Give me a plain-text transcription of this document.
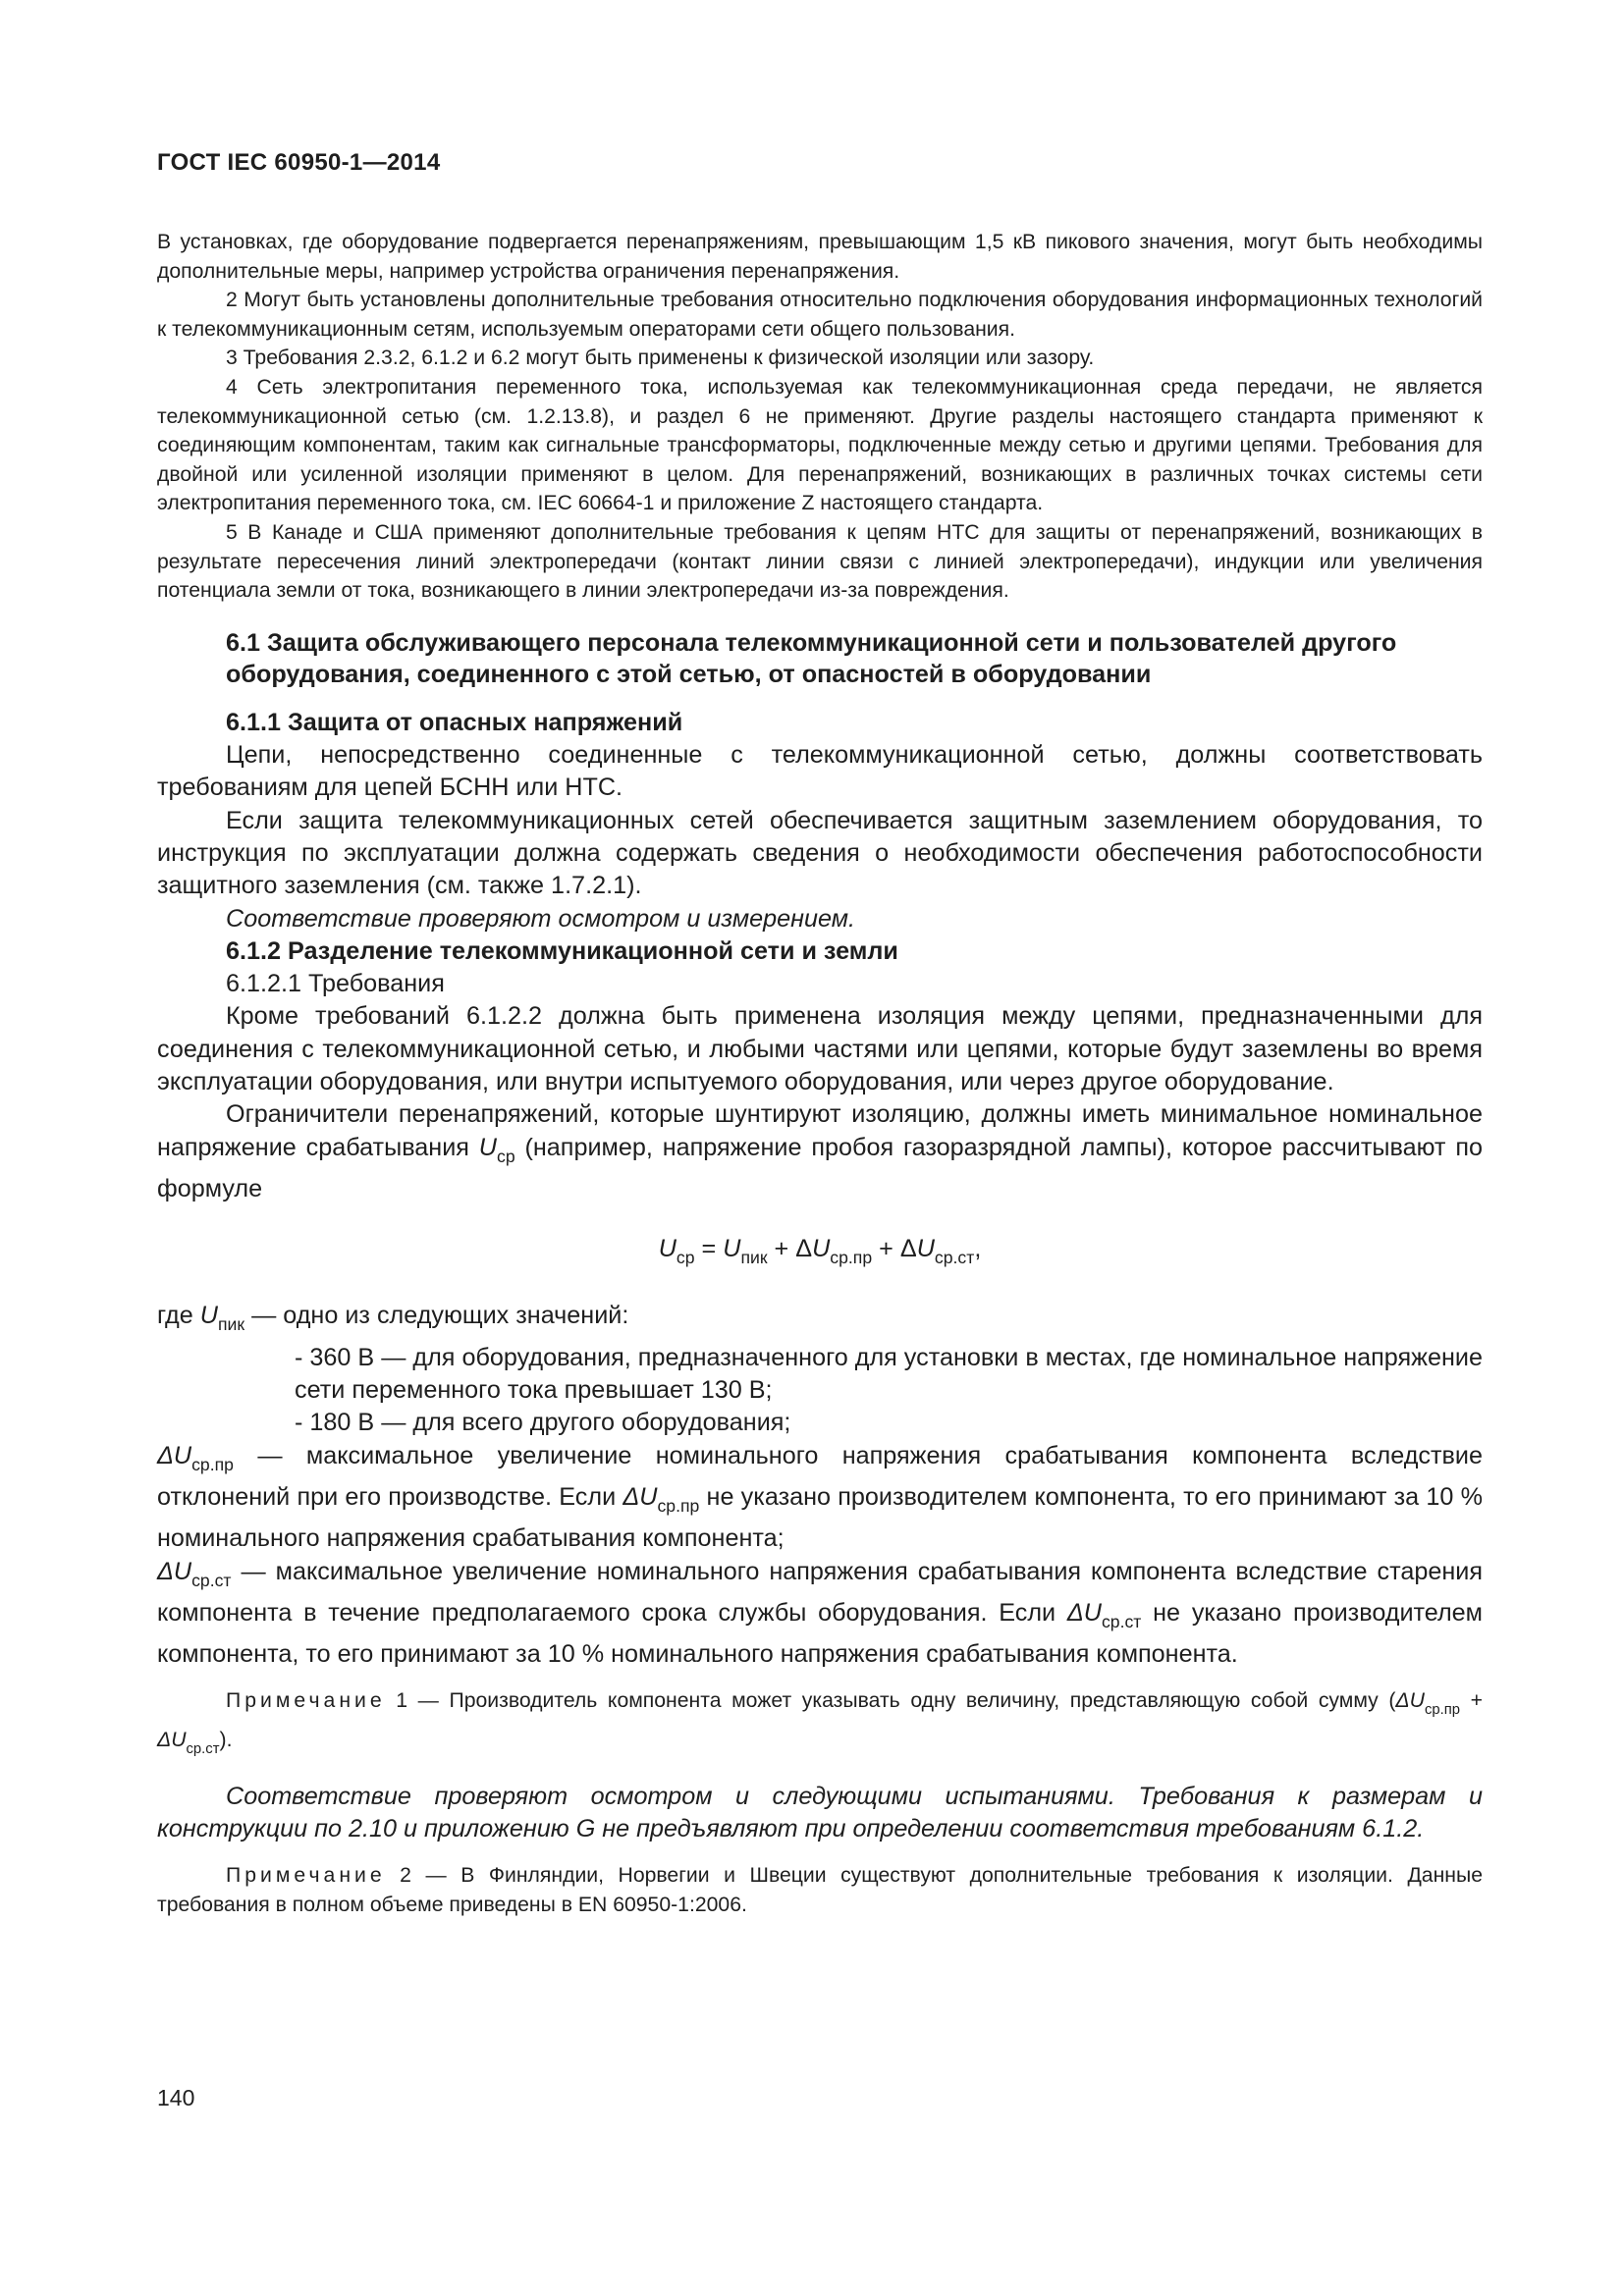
ГОСТ IEC 60950-1—2014

В установках, где оборудование подвергается перенапряжениям, превышающим 1,5 кВ пикового значения, могут быть необходимы дополнительные меры, например устройства ограничения перенапряжения.

2 Могут быть установлены дополнительные требования относительно подключения оборудования информационных технологий к телекоммуникационным сетям, используемым операторами сети общего пользования.

3 Требования 2.3.2, 6.1.2 и 6.2 могут быть применены к физической изоляции или зазору.

4 Сеть электропитания переменного тока, используемая как телекоммуникационная среда передачи, не является телекоммуникационной сетью (см. 1.2.13.8), и раздел 6 не применяют. Другие разделы настоящего стандарта применяют к соединяющим компонентам, таким как сигнальные трансформаторы, подключенные между сетью и другими цепями. Требования для двойной или усиленной изоляции применяют в целом. Для перенапряжений, возникающих в различных точках системы сети электропитания переменного тока, см. IEC 60664-1 и приложение Z настоящего стандарта.

5 В Канаде и США применяют дополнительные требования к цепям НТС для защиты от перенапряжений, возникающих в результате пересечения линий электропередачи (контакт линии связи с линией электропередачи), индукции или увеличения потенциала земли от тока, возникающего в линии электропередачи из-за повреждения.

6.1 Защита обслуживающего персонала телекоммуникационной сети и пользователей другого оборудования, соединенного с этой сетью, от опасностей в оборудовании
6.1.1 Защита от опасных напряжений

Цепи, непосредственно соединенные с телекоммуникационной сетью, должны соответствовать требованиям для цепей БСНН или НТС.

Если защита телекоммуникационных сетей обеспечивается защитным заземлением оборудования, то инструкция по эксплуатации должна содержать сведения о необходимости обеспечения работоспособности защитного заземления (см. также 1.7.2.1).

Соответствие проверяют осмотром и измерением.

6.1.2 Разделение телекоммуникационной сети и земли
6.1.2.1 Требования

Кроме требований 6.1.2.2 должна быть применена изоляция между цепями, предназначенными для соединения с телекоммуникационной сетью, и любыми частями или цепями, которые будут заземлены во время эксплуатации оборудования, или внутри испытуемого оборудования, или через другое оборудование.

Ограничители перенапряжений, которые шунтируют изоляцию, должны иметь минимальное номинальное напряжение срабатывания $U_{ср}$ (например, напряжение пробоя газоразрядной лампы), которое рассчитывают по формуле

$U_{ср} = U_{пик} + \Delta U_{ср.пр} + \Delta U_{ср.ст}$,

где $U_{пик}$ — одно из следующих значений:

- 360 В — для оборудования, предназначенного для установки в местах, где номинальное напряжение сети переменного тока превышает 130 В;

- 180 В — для всего другого оборудования;

$\Delta U_{ср.пр}$ — максимальное увеличение номинального напряжения срабатывания компонента вследствие отклонений при его производстве. Если $\Delta U_{ср.пр}$ не указано производителем компонента, то его принимают за 10 % номинального напряжения срабатывания компонента;

$\Delta U_{ср.ст}$ — максимальное увеличение номинального напряжения срабатывания компонента вследствие старения компонента в течение предполагаемого срока службы оборудования. Если $\Delta U_{ср.ст}$ не указано производителем компонента, то его принимают за 10 % номинального напряжения срабатывания компонента.

Примечание 1 — Производитель компонента может указывать одну величину, представляющую собой сумму $(\Delta U_{ср.пр} + \Delta U_{ср.ст})$.

Соответствие проверяют осмотром и следующими испытаниями. Требования к размерам и конструкции по 2.10 и приложению G не предъявляют при определении соответствия требованиям 6.1.2.

Примечание 2 — В Финляндии, Норвегии и Швеции существуют дополнительные требования к изоляции. Данные требования в полном объеме приведены в EN 60950-1:2006.

140
